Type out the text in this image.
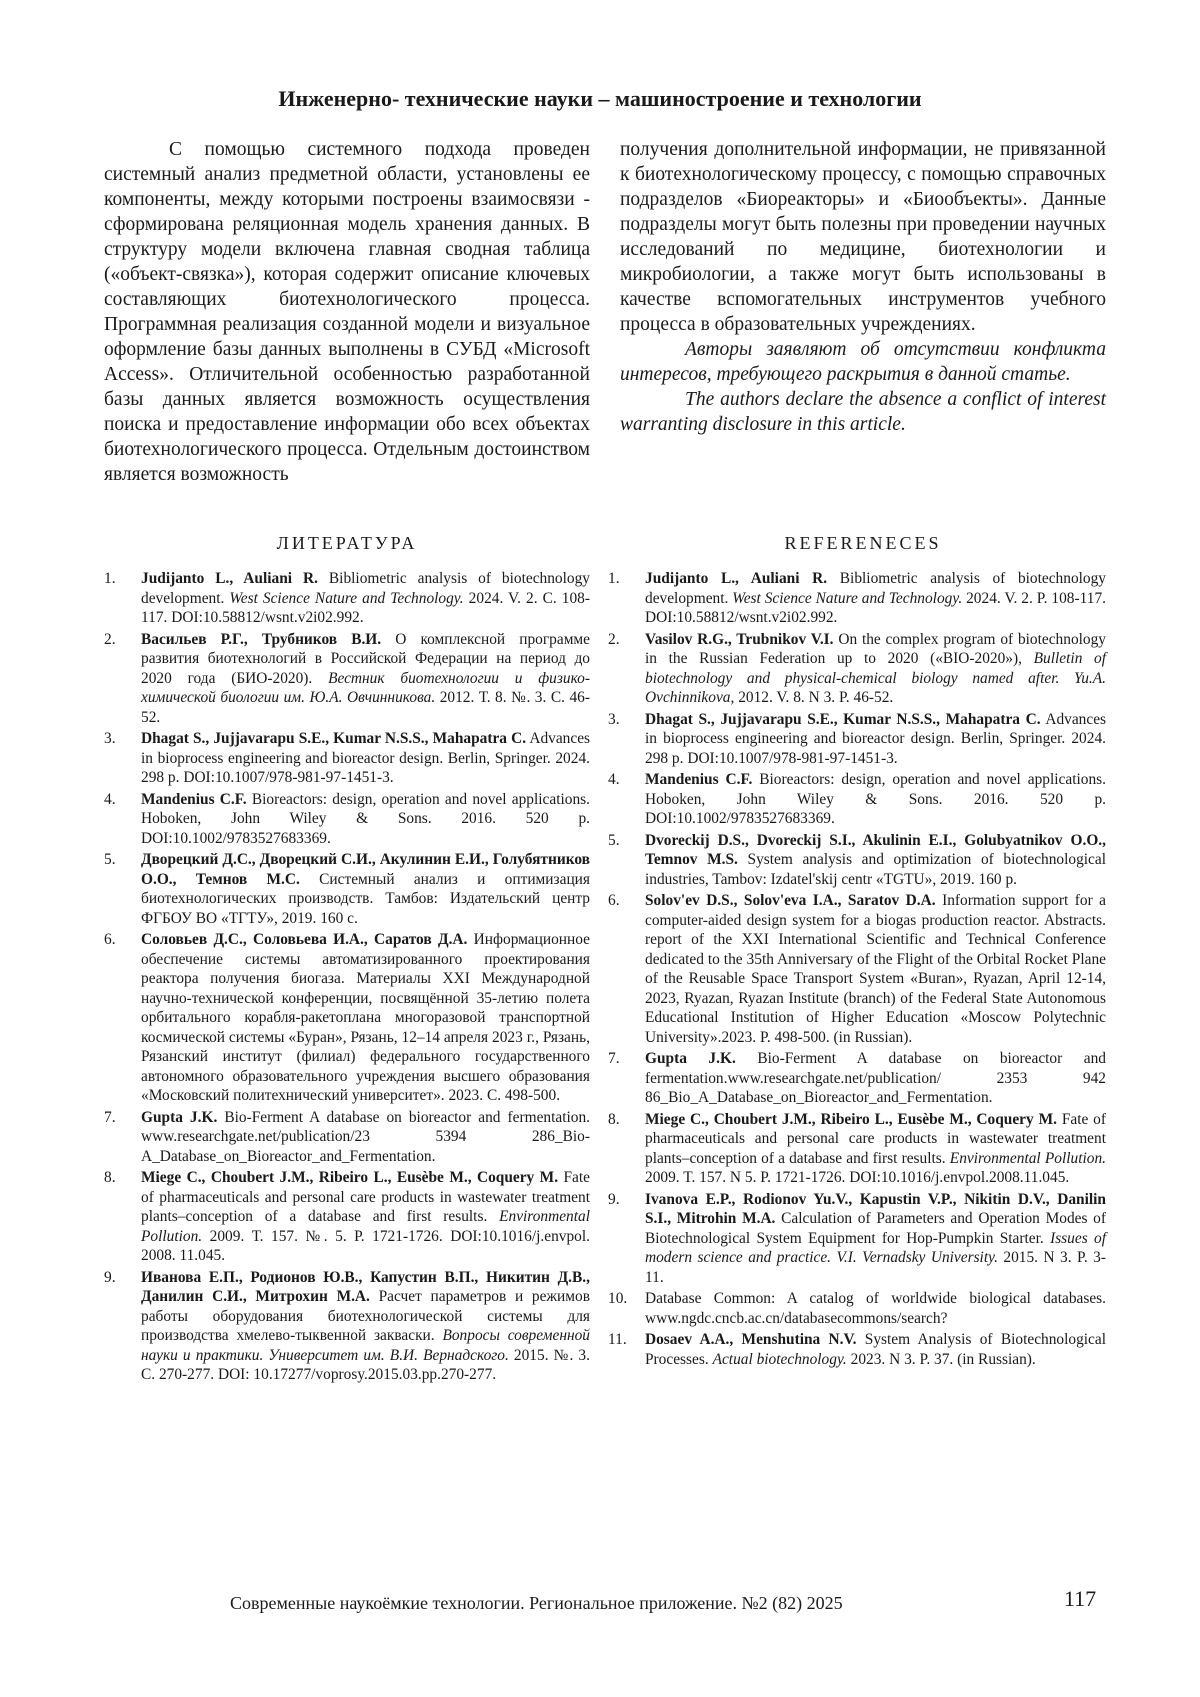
Инженерно- технические науки – машиностроение и технологии

С помощью системного подхода проведен системный анализ предметной области, установлены ее компоненты, между которыми построены взаимосвязи - сформирована реляционная модель хранения данных. В структуру модели включена главная сводная таблица («объект-связка»), которая содержит описание ключевых составляющих биотехнологического процесса. Программная реализация созданной модели и визуальное оформление базы данных выполнены в СУБД «Microsoft Access». Отличительной особенностью разработанной базы данных является возможность осуществления поиска и предоставление информации обо всех объектах биотехнологического процесса. Отдельным достоинством является возможность

получения дополнительной информации, не привязанной к биотехнологическому процессу, с помощью справочных подразделов «Биореакторы» и «Биообъекты». Данные подразделы могут быть полезны при проведении научных исследований по медицине, биотехнологии и микробиологии, а также могут быть использованы в качестве вспомогательных инструментов учебного процесса в образовательных учреждениях.

Авторы заявляют об отсутствии конфликта интересов, требующего раскрытия в данной статье.

The authors declare the absence a conflict of interest warranting disclosure in this article.

ЛИТЕРАТУРА	REFERENECES
1. Judijanto L., Auliani R. Bibliometric analysis of biotechnology development. West Science Nature and Technology. 2024. V. 2. С. 108-117. DOI:10.58812/wsnt.v2i02.992.
2. Васильев Р.Г., Трубников В.И. О комплексной программе развития биотехнологий в Российской Федерации на период до 2020 года (БИО-2020). Вестник биотехнологии и физико-химической биологии им. Ю.А. Овчинникова. 2012. Т. 8. №. 3. С. 46-52.
3. Dhagat S., Jujjavarapu S.E., Kumar N.S.S., Mahapatra C. Advances in bioprocess engineering and bioreactor design. Berlin, Springer. 2024. 298 p. DOI:10.1007/978-981-97-1451-3.
4. Mandenius C.F. Bioreactors: design, operation and novel applications. Hoboken, John Wiley & Sons. 2016. 520 p. DOI:10.1002/9783527683369.
5. Дворецкий Д.С., Дворецкий С.И., Акулинин Е.И., Голубятников О.О., Темнов М.С. Системный анализ и оптимизация биотехнологических производств. Тамбов: Издательский центр ФГБОУ ВО «ТГТУ», 2019. 160 с.
6. Соловьев Д.С., Соловьева И.А., Саратов Д.А. Информационное обеспечение системы автоматизированного проектирования реактора получения биогаза. Материалы XXI Международной научно-технической конференции, посвящённой 35-летию полета орбитального корабля-ракетоплана многоразовой транспортной космической системы «Буран», Рязань, 12–14 апреля 2023 г., Рязань, Рязанский институт (филиал) федерального государственного автономного образовательного учреждения высшего образования «Московский политехнический университет». 2023. С. 498-500.
7. Gupta J.K. Bio-Ferment A database on bioreactor and fermentation. www.researchgate.net/publication/23 5394 286_Bio-A_Database_on_Bioreactor_and_Fermentation.
8. Miege C., Choubert J.M., Ribeiro L., Eusèbe M., Coquery M. Fate of pharmaceuticals and personal care products in wastewater treatment plants–conception of a database and first results. Environmental Pollution. 2009. Т. 157. №. 5. Р. 1721-1726. DOI:10.1016/j.envpol. 2008. 11.045.
9. Иванова Е.П., Родионов Ю.В., Капустин В.П., Никитин Д.В., Данилин С.И., Митрохин М.А. Расчет параметров и режимов работы оборудования биотехнологической системы для производства хмелево-тыквенной закваски. Вопросы современной науки и практики. Университет им. В.И. Вернадского. 2015. №. 3. С. 270-277. DOI: 10.17277/voprosy.2015.03.pp.270-277.
1. Judijanto L., Auliani R. Bibliometric analysis of biotechnology development. West Science Nature and Technology. 2024. V. 2. P. 108-117. DOI:10.58812/wsnt.v2i02.992.
2. Vasilov R.G., Trubnikov V.I. On the complex program of biotechnology in the Russian Federation up to 2020 («BIO-2020»), Bulletin of biotechnology and physical-chemical biology named after. Yu.A. Ovchinnikova, 2012. V. 8. N 3. P. 46-52.
3. Dhagat S., Jujjavarapu S.E., Kumar N.S.S., Mahapatra C. Advances in bioprocess engineering and bioreactor design. Berlin, Springer. 2024. 298 p. DOI:10.1007/978-981-97-1451-3.
4. Mandenius C.F. Bioreactors: design, operation and novel applications. Hoboken, John Wiley & Sons. 2016. 520 p. DOI:10.1002/9783527683369.
5. Dvoreckij D.S., Dvoreckij S.I., Akulinin E.I., Golubyatnikov O.O., Temnov M.S. System analysis and optimization of biotechnological industries, Tambov: Izdatel'skij centr «TGTU», 2019. 160 p.
6. Solov'ev D.S., Solov'eva I.A., Saratov D.A. Information support for a computer-aided design system for a biogas production reactor. Abstracts. report of the XXI International Scientific and Technical Conference dedicated to the 35th Anniversary of the Flight of the Orbital Rocket Plane of the Reusable Space Transport System «Buran», Ryazan, April 12-14, 2023, Ryazan, Ryazan Institute (branch) of the Federal State Autonomous Educational Institution of Higher Education «Moscow Polytechnic University».2023. P. 498-500. (in Russian).
7. Gupta J.K. Bio-Ferment A database on bioreactor and fermentation.www.researchgate.net/publication/ 2353 942 86_Bio_A_Database_on_Bioreactor_and_Fermentation.
8. Miege C., Choubert J.M., Ribeiro L., Eusèbe M., Coquery M. Fate of pharmaceuticals and personal care products in wastewater treatment plants–conception of a database and first results. Environmental Pollution. 2009. T. 157. N 5. P. 1721-1726. DOI:10.1016/j.envpol.2008.11.045.
9. Ivanova E.P., Rodionov Yu.V., Kapustin V.P., Nikitin D.V., Danilin S.I., Mitrohin M.A. Calculation of Parameters and Operation Modes of Biotechnological System Equipment for Hop-Pumpkin Starter. Issues of modern science and practice. V.I. Vernadsky University. 2015. N 3. P. 3-11.
10. Database Common: A catalog of worldwide biological databases. www.ngdc.cncb.ac.cn/databasecommons/search?
11. Dosaev A.A., Menshutina N.V. System Analysis of Biotechnological Processes. Actual biotechnology. 2023. N 3. P. 37. (in Russian).
Современные наукоёмкие технологии. Региональное приложение. №2 (82) 2025	117
